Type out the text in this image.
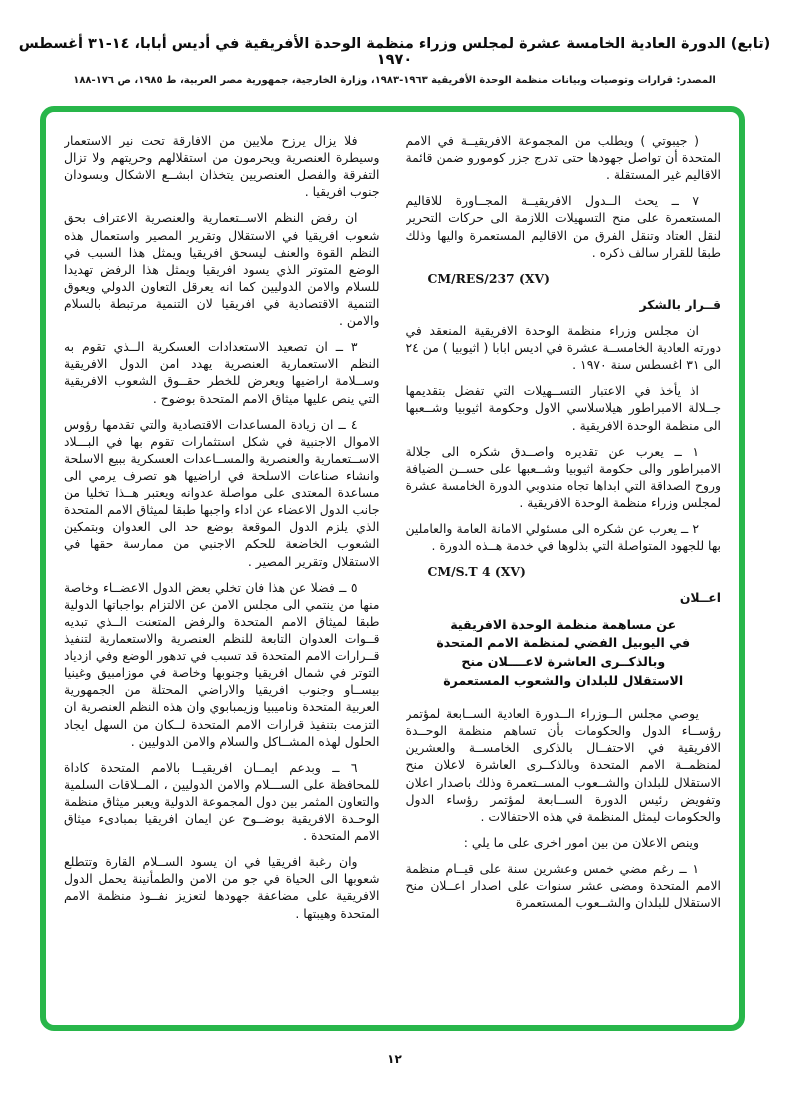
(تابع) الدورة العادية الخامسة عشرة لمجلس وزراء منظمة الوحدة الأفريقية في أديس أبابا، ١٤-٣١ أغسطس ١٩٧٠
المصدر: قرارات وتوصيات وبيانات منظمة الوحدة الأفريقية ١٩٦٣-١٩٨٣، وزارة الخارجية، جمهورية مصر العربية، ط ١٩٨٥، ص ١٧٦-١٨٨

( جيبوتي ) ويطلب من المجموعة الافريقيــة في الامم المتحدة أن تواصل جهودها حتى تدرج جزر كومورو ضمن قائمة الاقاليم غير المستقلة .

٧ ــ يحث الــدول الافريقيــة المجــاورة للاقاليم المستعمرة على منح التسهيلات اللازمة الى حركات التحرير لنقل العتاد وتنقل الفرق من الاقاليم المستعمرة واليها وذلك طبقا للقرار سالف ذكره .

CM/RES/237 (XV)

قــرار بالشكر

ان مجلس وزراء منظمة الوحدة الافريقية المنعقد في دورته العادية الخامســة عشرة في اديس ابابا ( اثيوبيا ) من ٢٤ الى ٣١ اغسطس سنة ١٩٧٠ .

اذ يأخذ في الاعتبار التســهيلات التي تفضل بتقديمها جــلالة الامبراطور هيلاسلاسي الاول وحكومة اثيوبيا وشــعبها الى منظمة الوحدة الافريقية .

١ ــ يعرب عن تقديره واصــدق شكره الى جلالة الامبراطور والى حكومة اثيوبيا وشــعبها على حســن الضيافة وروح الصداقة التي ابداها تجاه مندوبي الدورة الخامسة عشرة لمجلس وزراء منظمة الوحدة الافريقية .

٢ ــ يعرب عن شكره الى مسئولي الامانة العامة والعاملين بها للجهود المتواصلة التي بذلوها في خدمة هــذه الدورة .

CM/S.T 4 (XV)

اعــلان

عن مساهمة منظمة الوحدة الافريقية
في اليوبيل الفضي لمنظمة الامم المتحدة
وبالذكــرى العاشرة لاعــــلان منح
الاستقلال للبلدان والشعوب المستعمرة

يوصي مجلس الــوزراء الــدورة العادية الســابعة لمؤتمر رؤســاء الدول والحكومات بأن تساهم منظمة الوحــدة الافريقية في الاحتفــال بالذكرى الخامســة والعشرين لمنظمــة الامم المتحدة وبالذكــرى العاشرة لاعلان منح الاستقلال للبلدان والشــعوب المســتعمرة وذلك باصدار اعلان وتفويض رئيس الدورة الســابعة لمؤتمر رؤساء الدول والحكومات ليمثل المنظمة في هذه الاحتفالات .

وينص الاعلان من بين امور اخرى على ما يلي :

١ ــ رغم مضي خمس وعشرين سنة على قيــام منظمة الامم المتحدة ومضى عشر سنوات على اصدار اعــلان منح الاستقلال للبلدان والشــعوب المستعمرة

فلا يزال يرزح ملايين من الافارقة تحت نير الاستعمار وسيطرة العنصرية ويحرمون من استقلالهم وحريتهم ولا تزال التفرقة والفصل العنصريين يتخذان ابشــع الاشكال وبسودان جنوب افريقيا .

ان رفض النظم الاســتعمارية والعنصرية الاعتراف بحق شعوب افريقيا في الاستقلال وتقرير المصير واستعمال هذه النظم القوة والعنف ليسحق افريقيا ويمثل هذا السبب في الوضع المتوتر الذي يسود افريقيا ويمثل هذا الرفض تهديدا للسلام والامن الدوليين كما انه يعرقل التعاون الدولي ويعوق التنمية الاقتصادية في افريقيا لان التنمية مرتبطة بالسلام والامن .

٣ ــ ان تصعيد الاستعدادات العسكرية الــذي تقوم به النظم الاستعمارية العنصرية يهدد امن الدول الافريقية وســلامة اراضيها ويعرض للخطر حقــوق الشعوب الافريقية التي ينص عليها ميثاق الامم المتحدة بوضوح .

٤ ــ ان زيادة المساعدات الاقتصادية والتي تقدمها رؤوس الاموال الاجنبية في شكل استثمارات تقوم بها في البـــلاد الاســتعمارية والعنصرية والمســاعدات العسكرية ببيع الاسلحة وانشاء صناعات الاسلحة في اراضيها هو تصرف يرمي الى مساعدة المعتدى على مواصلة عدوانه ويعتبر هــذا تخليا من جانب الدول الاعضاء عن اداء واجبها طبقا لميثاق الامم المتحدة الذي يلزم الدول الموقعة بوضع حد الى العدوان وبتمكين الشعوب الخاضعة للحكم الاجنبي من ممارسة حقها في الاستقلال وتقرير المصير .

٥ ــ فضلا عن هذا فان تخلي بعض الدول الاعضــاء وخاصة منها من ينتمي الى مجلس الامن عن الالتزام بواجباتها الدولية طبقا لميثاق الامم المتحدة والرفض المتعنت الــذي تبديه قــوات العدوان التابعة للنظم العنصرية والاستعمارية لتنفيذ قــرارات الامم المتحدة قد تسبب في تدهور الوضع وفي ازدياد التوتر في شمال افريقيا وجنوبها وخاصة في موزامبيق وغينيا بيســاو وجنوب افريقيا والاراضي المحتلة من الجمهورية العربية المتحدة وناميبيا وزيمبابوي وان هذه النظم العنصرية ان التزمت بتنفيذ قرارات الامم المتحدة لــكان من السهل ايجاد الحلول لهذه المشــاكل والسلام والامن الدوليين .

٦ ــ وبدعم ايمــان افريقيــا بالامم المتحدة كاداة للمحافظة على الســـلام والامن الدوليين ، المــلاقات السلمية والتعاون المثمر بين دول المجموعة الدولية ويعبر ميثاق منظمة الوحـدة الافريقية بوضــوح عن ايمان افريقيا بمبادىء ميثاق الامم المتحدة .

وان رغبة افريقيا في ان يسود الســلام القارة وتتطلع شعوبها الى الحياة في جو من الامن والطمأنينة يحمل الدول الافريقية على مضاعفة جهودها لتعزيز نفــوذ منظمة الامم المتحدة وهيبتها .

١٢
